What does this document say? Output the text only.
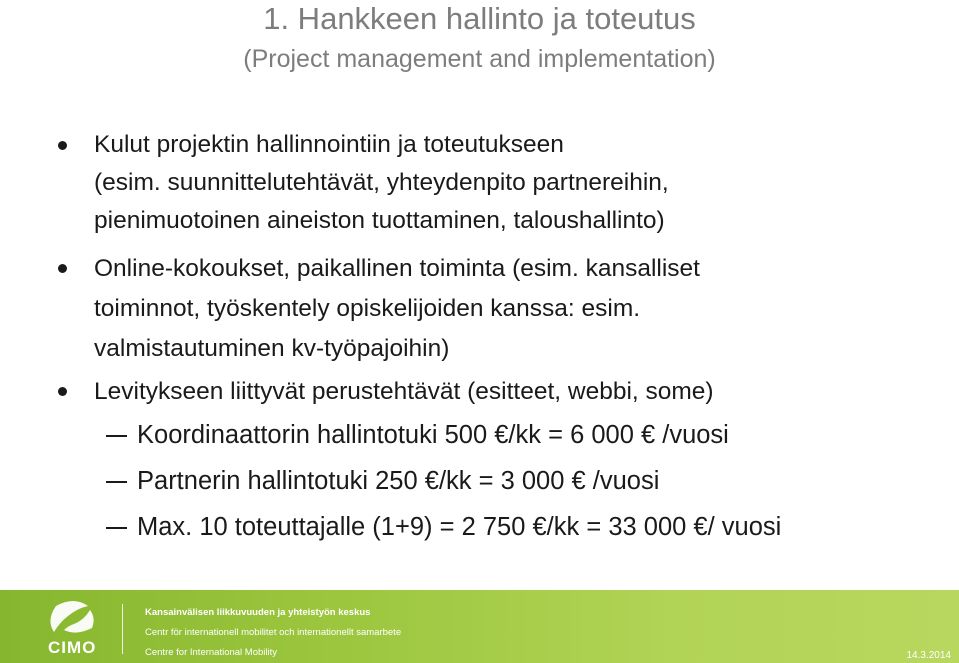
1. Hankkeen hallinto ja toteutus
(Project management and implementation)
Kulut projektin hallinnointiin ja toteutukseen
(esim. suunnittelutehtävät, yhteydenpito partnereihin,
pienimuotoinen aineiston tuottaminen, taloushallinto)
Online-kokoukset, paikallinen toiminta (esim. kansalliset
toiminnot, työskentely opiskelijoiden kanssa: esim.
valmistautuminen kv-työpajoihin)
Levitykseen liittyvät perustehtävät (esitteet, webbi, some)
Koordinaattorin hallintotuki 500 €/kk = 6 000 € /vuosi
Partnerin hallintotuki 250 €/kk = 3 000 € /vuosi
Max. 10 toteuttajalle (1+9) = 2 750 €/kk = 33 000 €/ vuosi
CIMO
Kansainvälisen liikkuvuuden ja yhteistyön keskus
Centr för internationell mobilitet och internationellt samarbete
Centre for International Mobility	14.3.2014
